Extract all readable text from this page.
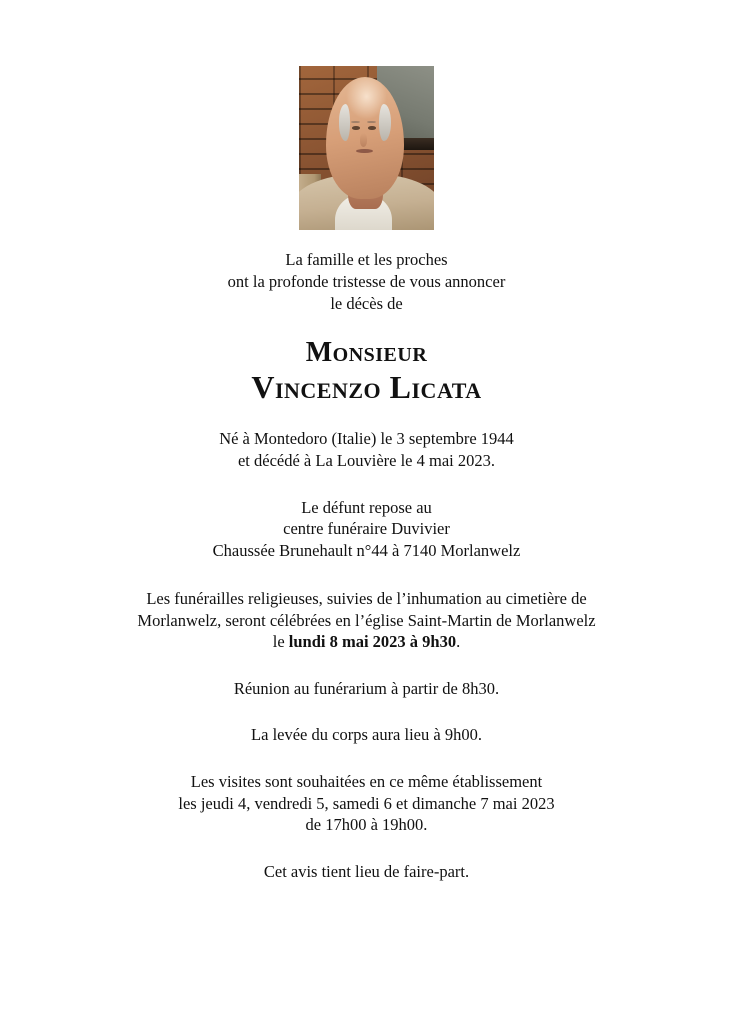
La famille et les proches
ont la profonde tristesse de vous annoncer
le décès de
Monsieur
Vincenzo Licata
Né à Montedoro (Italie) le 3 septembre 1944
et décédé à La Louvière le 4 mai 2023.
Le défunt repose au
centre funéraire Duvivier
Chaussée Brunehault n°44 à 7140 Morlanwelz
Les funérailles religieuses, suivies de l’inhumation au cimetière de
Morlanwelz, seront célébrées en l’église Saint-Martin de Morlanwelz
le lundi 8 mai 2023 à 9h30.
Réunion au funérarium à partir de 8h30.
La levée du corps aura lieu à 9h00.
Les visites sont souhaitées en ce même établissement
les jeudi 4, vendredi 5, samedi 6 et dimanche 7 mai 2023
de 17h00 à 19h00.
Cet avis tient lieu de faire-part.
